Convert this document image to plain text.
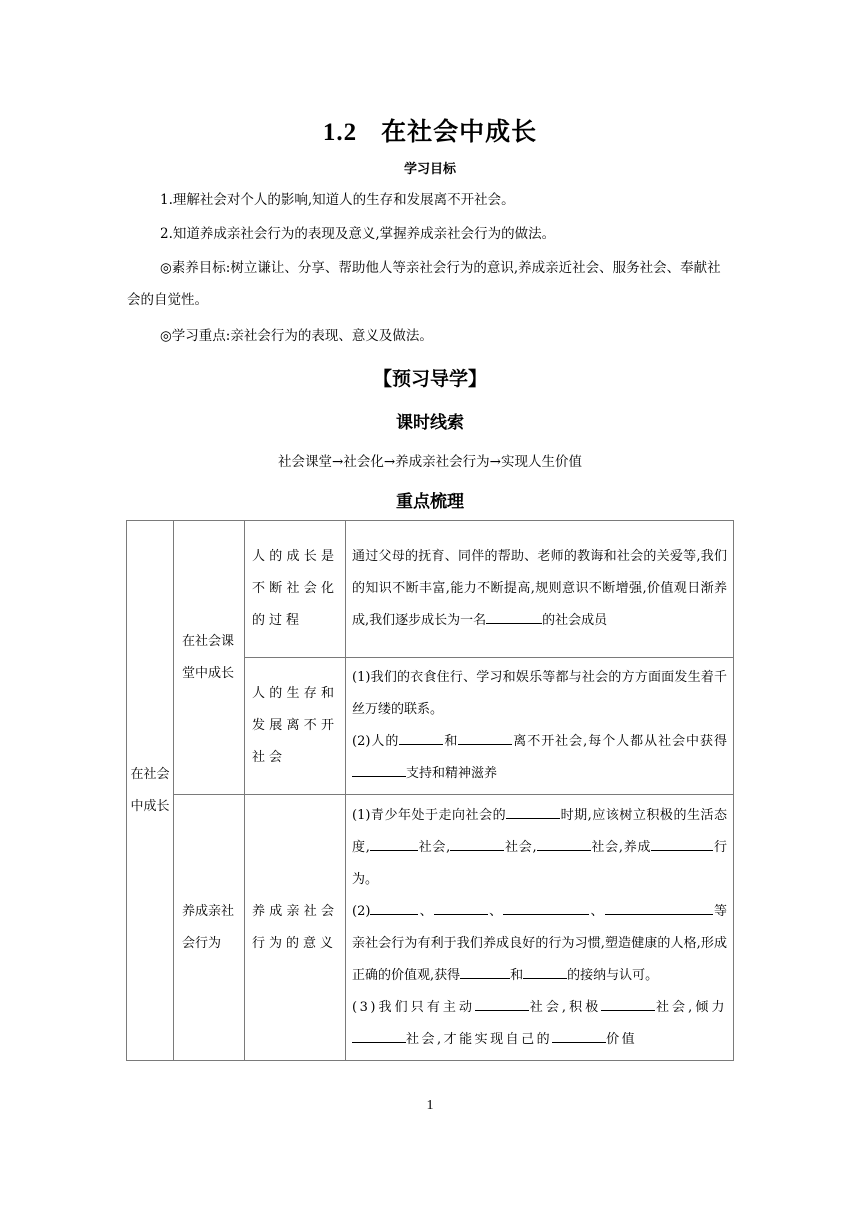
1.2 在社会中成长
学习目标

1.理解社会对个人的影响,知道人的生存和发展离不开社会。

2.知道养成亲社会行为的表现及意义,掌握养成亲社会行为的做法。

◎素养目标:树立谦让、分享、帮助他人等亲社会行为的意识,养成亲近社会、服务社会、奉献社会的自觉性。

◎学习重点:亲社会行为的表现、意义及做法。

【预习导学】
课时线索
社会课堂→社会化→养成亲社会行为→实现人生价值
重点梳理
在社会中成长	在社会课堂中成长	人的成长是不断社会化的过程	通过父母的抚育、同伴的帮助、老师的教诲和社会的关爱等,我们的知识不断丰富,能力不断提高,规则意识不断增强,价值观日渐养成,我们逐步成长为一名 的社会成员
		人的生存和发展离不开社会	(1)我们的衣食住行、学习和娱乐等都与社会的方方面面发生着千丝万缕的联系。
(2)人的 和 离不开社会,每个人都从社会中获得支持和精神滋养

	养成亲社会行为	养成亲社会行为的意义	(1)青少年处于走向社会的 时期,应该树立积极的生活态度, 社会, 社会, 社会,养成 行为。
(2) 、 、 、 等亲社会行为有利于我们养成良好的行为习惯,塑造健康的人格,形成正确的价值观,获得 和 的接纳与认可。
(3)我们只有主动 社会,积极 社会,倾力社会,才能实现自己的 价值
1
